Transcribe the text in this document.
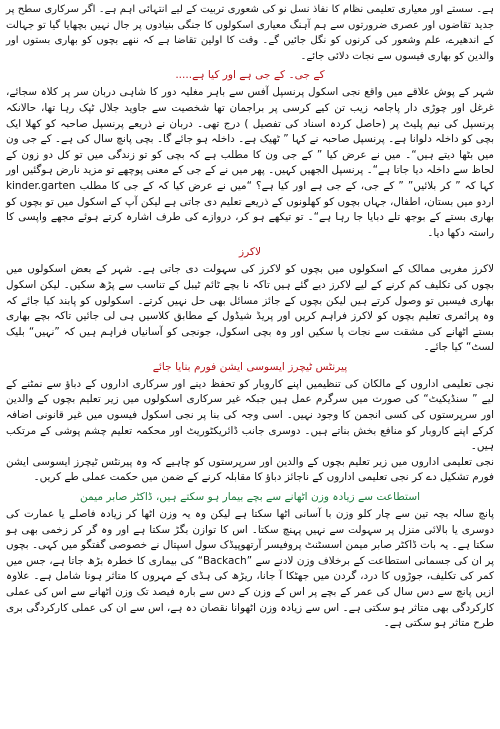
ہے۔ سستے اور معیاری تعلیمی نظام کا نفاذ نسل نو کی شعوری تربیت کے لیے انتہائی اہم ہے۔ اگر سرکاری سطح پر جدید تقاضوں اور عصری ضرورتوں سے ہم آہنگ معیاری اسکولوں کا جنگی بنیادوں پر جال نہیں بچھایا گیا تو جہالت کے اندھیرے، علم وشعور کی کرنوں کو نگل جائیں گے۔ وقت کا اولین تقاضا ہے کہ ننھے بچوں کو بھاری بستوں اور والدین کو بھاری فیسوں سے نجات دلائی جائے۔

کے جی۔ کے جی ہے اور کیا ہے.....

شہر کے پوش علاقے میں واقع نجی اسکول پرنسپل آفس سے باہر مغلیہ دور کا شاہی دربان سر پر کلاہ سجائے، غرغل اور چوڑی دار پاجامہ زیب تن کیے کرسی پر براجمان تھا شخصیت سے جاوید جلال ٹپک رہا تھا، حالانکہ پرنسپل کی نیم پلیٹ پر (حاصل کردہ اسناد کی تفصیل ) درج تھی۔ دربان نے ذریعے پرنسپل صاحبہ کو کھلا ایک بچی کو داخلہ دلوانا ہے۔ پرنسپل صاحبہ نے کہا ” ٹھیک ہے۔ داخلہ ہو جائے گا۔ بچی پانچ سال کی ہے۔ کے جی ون میں بٹھا دیتے ہیں“۔ میں نے عرض کیا ” کے جی ون کا مطلب ہے کہ بچی کو تو زندگی میں تو کل دو زون کے لحاظ سے داخلہ دیا جاتا ہے“۔ پرنسپل الجھیں کہیں۔ پھر میں نے کے جی کے معنی پوچھے تو مزید نارض ہوگئیں اور کہا کہ ” کر بلائیں” ” کے جی، کے جی ہے اور کیا ہے؟ “میں نے عرض کیا کہ کے جی کا مطلب kinder.garten اردو میں بستان، اطفال، جہاں بچوں کو کھلونوں کے ذریعے تعلیم دی جاتی ہے لیکن آپ کے اسکول میں تو بچوں کو بھاری بستے کے بوجھ تلے دبایا جا رہا ہے“۔ تو تیکھے ہو کر، دروازے کی طرف اشارہ کرتے ہوئے مجھے واپسی کا راستہ دکھا دیا۔

لاکرز

لاکرز مغربی ممالک کے اسکولوں میں بچوں کو لاکرز کی سہولت دی جاتی ہے۔ شہر کے بعض اسکولوں میں بچوں کی تکلیف کم کرنے کے لیے لاکرز دیے گئے ہیں تاکہ نا بچے ٹائم ٹیبل کے تناسب سے پڑھ سکیں۔ لیکن اسکول بھاری فیسیں تو وصول کرتے ہیں لیکن بچوں کے جائز مسائل بھی حل نہیں کرتے۔ اسکولوں کو پابند کیا جائے کہ وہ پرائمری تعلیم بچوں کو لاکرز فراہم کریں اور پریڈ شیڈول کے مطابق کلاسیں ہی لی جائیں تاکہ بچے بھاری بستے اٹھانے کی مشقت سے نجات پا سکیں اور وہ بچی اسکول، جونجی کو آسانیاں فراہم ہیں کہ ”نہیں“ بلیک لسٹ“ کیا جائے۔

پیرنٹس ٹیچرز ایسوسی ایشن فورم بنایا جائے

نجی تعلیمی اداروں کے مالکان کی تنظیمیں اپنے کاروبار کو تحفظ دینے اور سرکاری اداروں کے دباؤ سے نمٹنے کے لیے ” سنڈیکیٹ“ کی صورت میں سرگرم عمل ہیں جبکہ غیر سرکاری اسکولوں میں زیر تعلیم بچوں کے والدین اور سرپرستوں کی کسی انجمن کا وجود نہیں۔ اسی وجہ کی بنا پر نجی اسکول فیسوں میں غیر قانونی اضافہ کرکے اپنے کاروبار کو منافع بخش بناتے ہیں۔ دوسری جانب ڈائریکٹوریٹ اور محکمہ تعلیم چشم پوشی کے مرتکب ہیں۔

نجی تعلیمی اداروں میں زیر تعلیم بچوں کے والدین اور سرپرستوں کو چاہیے کہ وہ پیرنٹس ٹیچرز ایسوسی ایشن فورم تشکیل دے کر نجی تعلیمی اداروں کے ناجائز دباؤ کا مقابلہ کرنے کے ضمن میں حکمت عملی طے کریں۔

استطاعت سے زیادہ وزن اٹھانے سے بچے بیمار ہو سکتے ہیں، ڈاکٹر صابر میمن

پانچ سالہ بچہ تین سے چار کلو وزن با آسانی اٹھا سکتا ہے لیکن وہ یہ وزن اٹھا کر زیادہ فاصلے یا عمارت کی دوسری یا بالائی منزل پر سہولت سے نہیں پہنچ سکتا۔ اس کا توازن بگڑ سکتا ہے اور وہ گر کر زخمی بھی ہو سکتا ہے۔ یہ بات ڈاکٹر صابر میمن اسسٹنٹ پروفیسر آرتھوپیڈک سول اسپتال نے خصوصی گفتگو میں کہی۔ بچوں پر ان کی جسمانی استطاعت کے برخلاف وزن لادنے سے ”Backach“ کی بیماری کا خطرہ بڑھ جاتا ہے، جس میں کمر کی تکلیف، جوڑوں کا درد، گردن میں جھٹکا آ جانا، ریڑھ کی ہڈی کے مہروں کا متاثر ہونا شامل ہے۔ علاوہ ازیں پانچ سے دس سال کی عمر کے بچے پر اس کے وزن کے دس سے بارہ فیصد تک وزن اٹھانے سے اس کی عملی کارکردگی بھی متاثر ہو سکتی ہے۔ اس سے زیادہ وزن اٹھوانا نقصان دہ ہے، اس سے ان کی عملی کارکردگی بری طرح متاثر ہو سکتی ہے۔
